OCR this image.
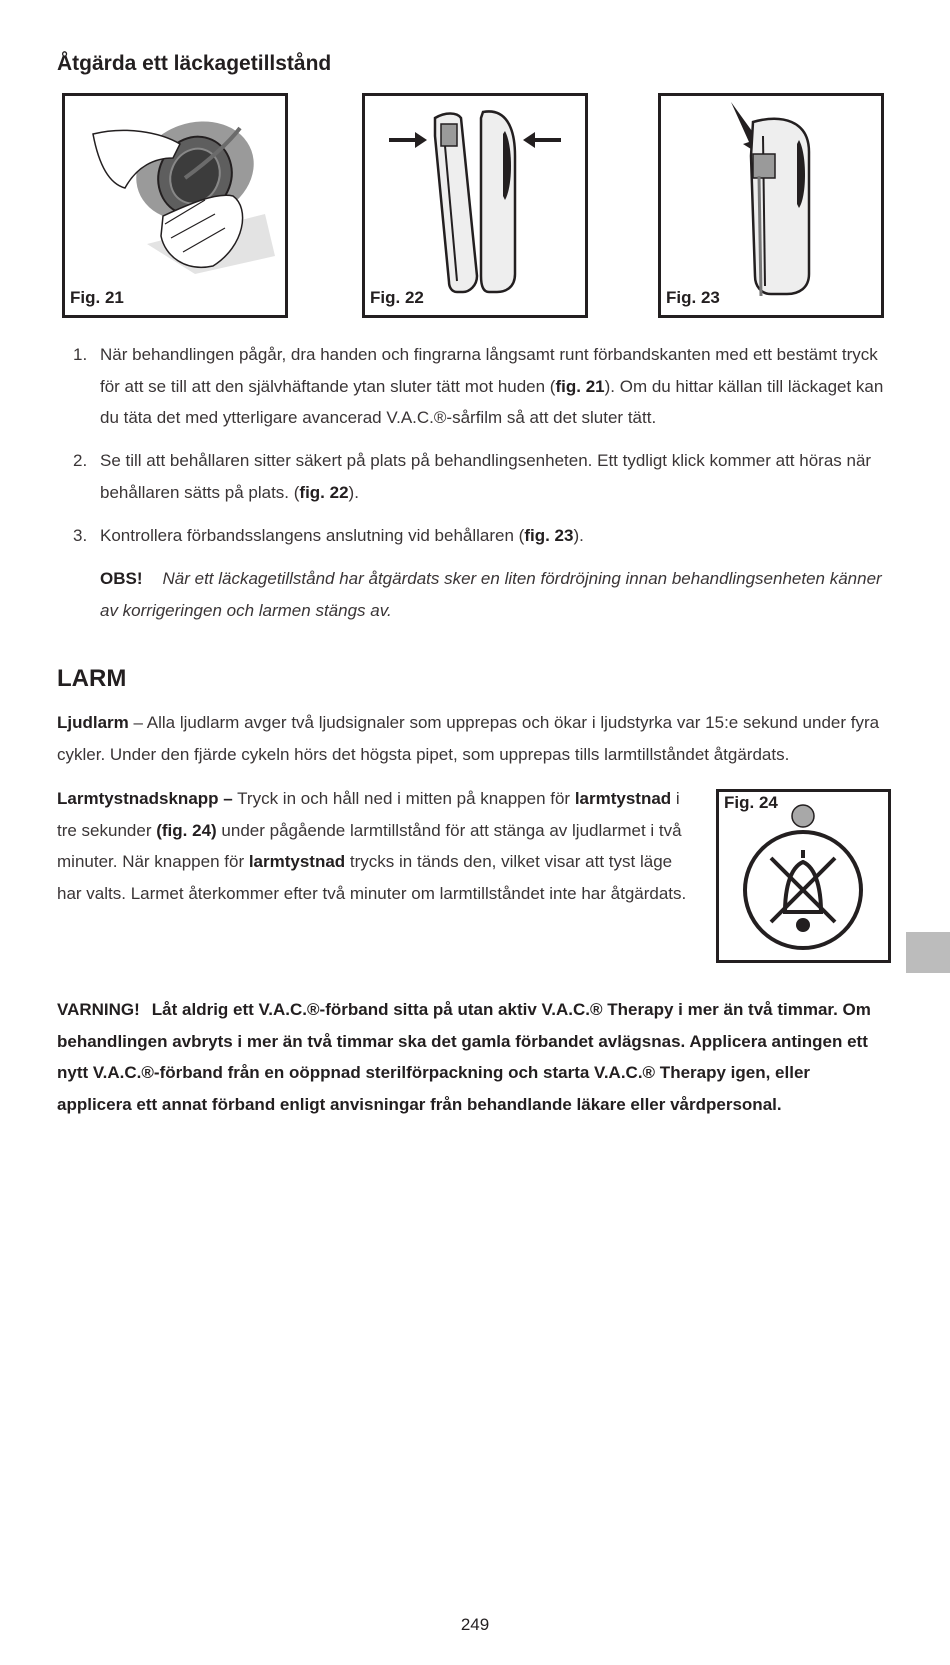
Åtgärda ett läckagetillstånd
Fig. 21	Fig. 22	Fig. 23
1. När behandlingen pågår, dra handen och fingrarna långsamt runt förbandskanten med ett bestämt tryck för att se till att den självhäftande ytan sluter tätt mot huden (fig. 21). Om du hittar källan till läckaget kan du täta det med ytterligare avancerad V.A.C.®-sårfilm så att det sluter tätt.
2. Se till att behållaren sitter säkert på plats på behandlingsenheten. Ett tydligt klick kommer att höras när behållaren sätts på plats. (fig. 22).
3. Kontrollera förbandsslangens anslutning vid behållaren (fig. 23).
OBS! När ett läckagetillstånd har åtgärdats sker en liten fördröjning innan behandlingsenheten känner av korrigeringen och larmen stängs av.
LARM
Ljudlarm – Alla ljudlarm avger två ljudsignaler som upprepas och ökar i ljudstyrka var 15:e sekund under fyra cykler. Under den fjärde cykeln hörs det högsta pipet, som upprepas tills larmtillståndet åtgärdats.
Larmtystnadsknapp – Tryck in och håll ned i mitten på knappen för larmtystnad i tre sekunder (fig. 24) under pågående larmtillstånd för att stänga av ljudlarmet i två minuter. När knappen för larmtystnad trycks in tänds den, vilket visar att tyst läge har valts. Larmet återkommer efter två minuter om larmtillståndet inte har åtgärdats.
Fig. 24
VARNING! Låt aldrig ett V.A.C.®-förband sitta på utan aktiv V.A.C.® Therapy i mer än två timmar. Om behandlingen avbryts i mer än två timmar ska det gamla förbandet avlägsnas. Applicera antingen ett nytt V.A.C.®-förband från en oöppnad sterilförpackning och starta V.A.C.® Therapy igen, eller applicera ett annat förband enligt anvisningar från behandlande läkare eller vårdpersonal.
249
